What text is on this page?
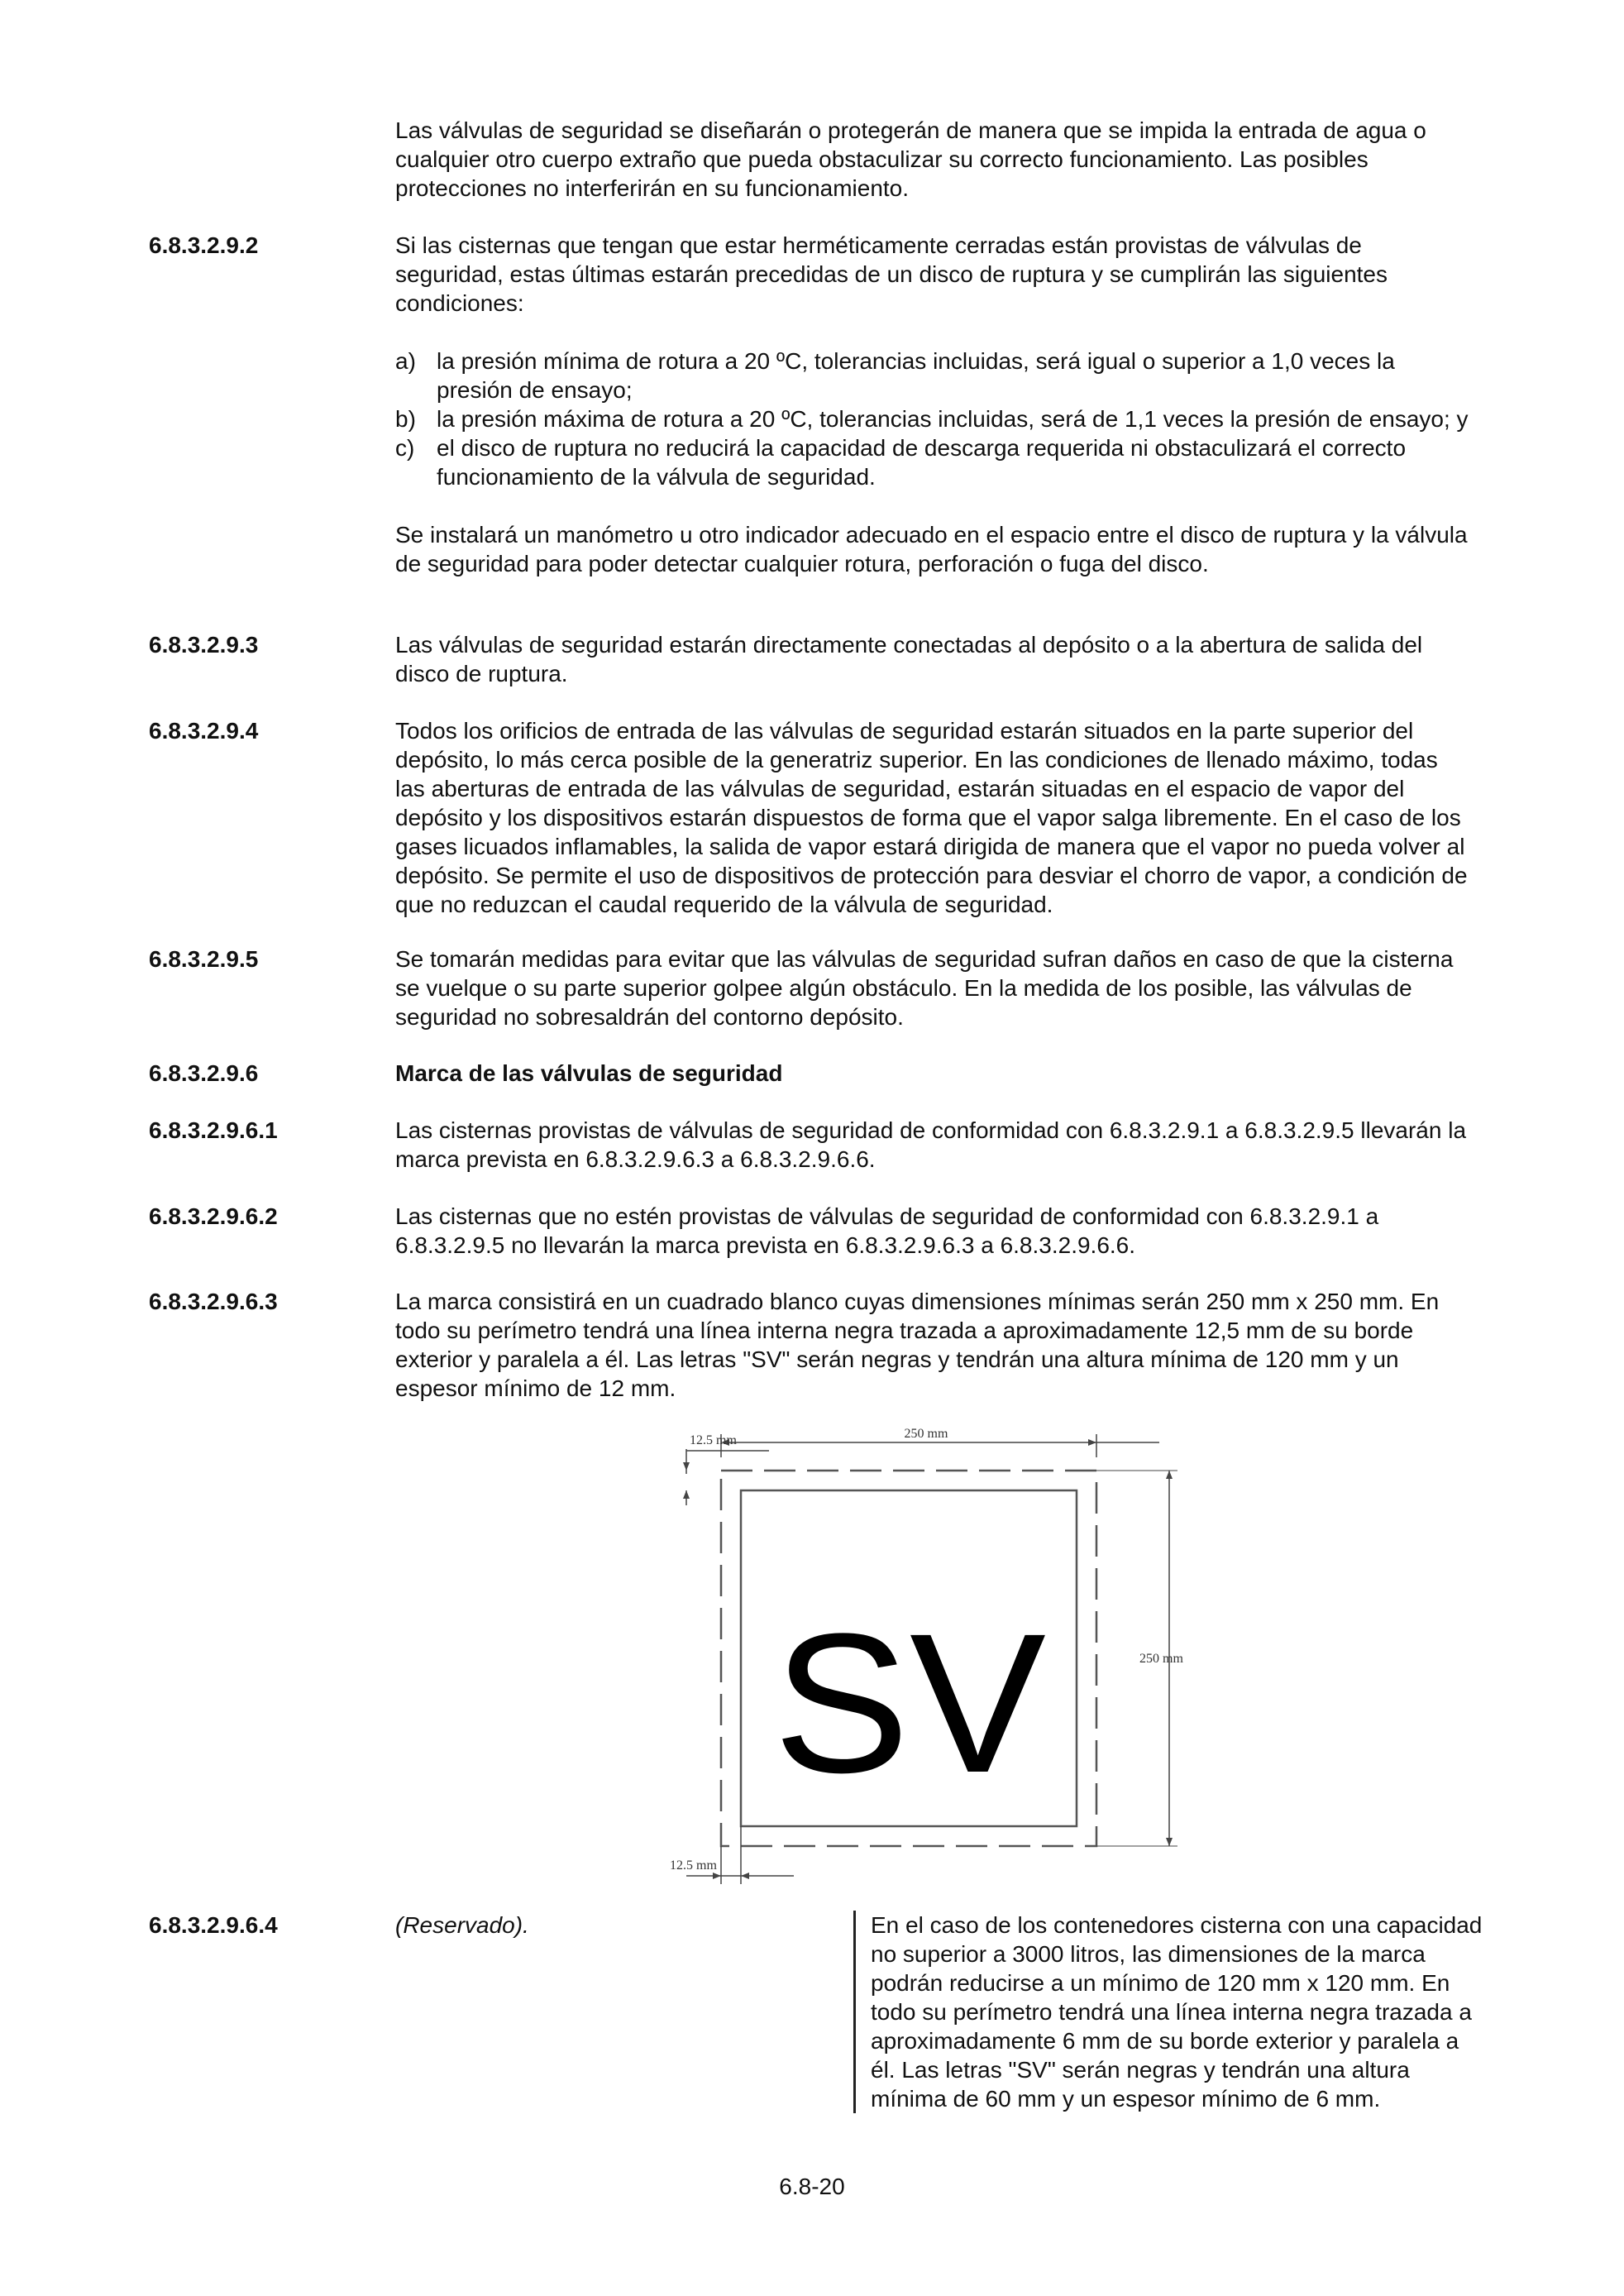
Las válvulas de seguridad se diseñarán o protegerán de manera que se impida la entrada de agua o cualquier otro cuerpo extraño que pueda obstaculizar su correcto funcionamiento. Las posibles protecciones no interferirán en su funcionamiento.

6.8.3.2.9.2	Si las cisternas que tengan que estar herméticamente cerradas están provistas de válvulas de seguridad, estas últimas estarán precedidas de un disco de ruptura y se cumplirán las siguientes condiciones:

a) la presión mínima de rotura a 20 ºC, tolerancias incluidas, será igual o superior a 1,0 veces la presión de ensayo;
b) la presión máxima de rotura a 20 ºC, tolerancias incluidas, será de 1,1 veces la presión de ensayo; y
c) el disco de ruptura no reducirá la capacidad de descarga requerida ni obstaculizará el correcto funcionamiento de la válvula de seguridad.

Se instalará un manómetro u otro indicador adecuado en el espacio entre el disco de ruptura y la válvula de seguridad para poder detectar cualquier rotura, perforación o fuga del disco.

6.8.3.2.9.3	Las válvulas de seguridad estarán directamente conectadas al depósito o a la abertura de salida del disco de ruptura.

6.8.3.2.9.4	Todos los orificios de entrada de las válvulas de seguridad estarán situados en la parte superior del depósito, lo más cerca posible de la generatriz superior. En las condiciones de llenado máximo, todas las aberturas de entrada de las válvulas de seguridad, estarán situadas en el espacio de vapor del depósito y los dispositivos estarán dispuestos de forma que el vapor salga libremente. En el caso de los gases licuados inflamables, la salida de vapor estará dirigida de manera que el vapor no pueda volver al depósito. Se permite el uso de dispositivos de protección para desviar el chorro de vapor, a condición de que no reduzcan el caudal requerido de la válvula de seguridad.

6.8.3.2.9.5	Se tomarán medidas para evitar que las válvulas de seguridad sufran daños en caso de que la cisterna se vuelque o su parte superior golpee algún obstáculo. En la medida de los posible, las válvulas de seguridad no sobresaldrán del contorno depósito.

6.8.3.2.9.6	Marca de las válvulas de seguridad

6.8.3.2.9.6.1	Las cisternas provistas de válvulas de seguridad de conformidad con 6.8.3.2.9.1 a 6.8.3.2.9.5 llevarán la marca prevista en 6.8.3.2.9.6.3 a 6.8.3.2.9.6.6.

6.8.3.2.9.6.2	Las cisternas que no estén provistas de válvulas de seguridad de conformidad con 6.8.3.2.9.1 a 6.8.3.2.9.5 no llevarán la marca prevista en 6.8.3.2.9.6.3 a 6.8.3.2.9.6.6.

6.8.3.2.9.6.3	La marca consistirá en un cuadrado blanco cuyas dimensiones mínimas serán 250 mm x 250 mm. En todo su perímetro tendrá una línea interna negra trazada a aproximadamente 12,5 mm de su borde exterior y paralela a él. Las letras "SV" serán negras y tendrán una altura mínima de 120 mm y un espesor mínimo de 12 mm.

SV
250 mm
12.5 mm
250 mm
12.5 mm
6.8.3.2.9.6.4	(Reservado).	En el caso de los contenedores cisterna con una capacidad no superior a 3000 litros, las dimensiones de la marca podrán reducirse a un mínimo de 120 mm x 120 mm. En todo su perímetro tendrá una línea interna negra trazada a aproximadamente 6 mm de su borde exterior y paralela a él. Las letras "SV" serán negras y tendrán una altura mínima de 60 mm y un espesor mínimo de 6 mm.

6.8-20
